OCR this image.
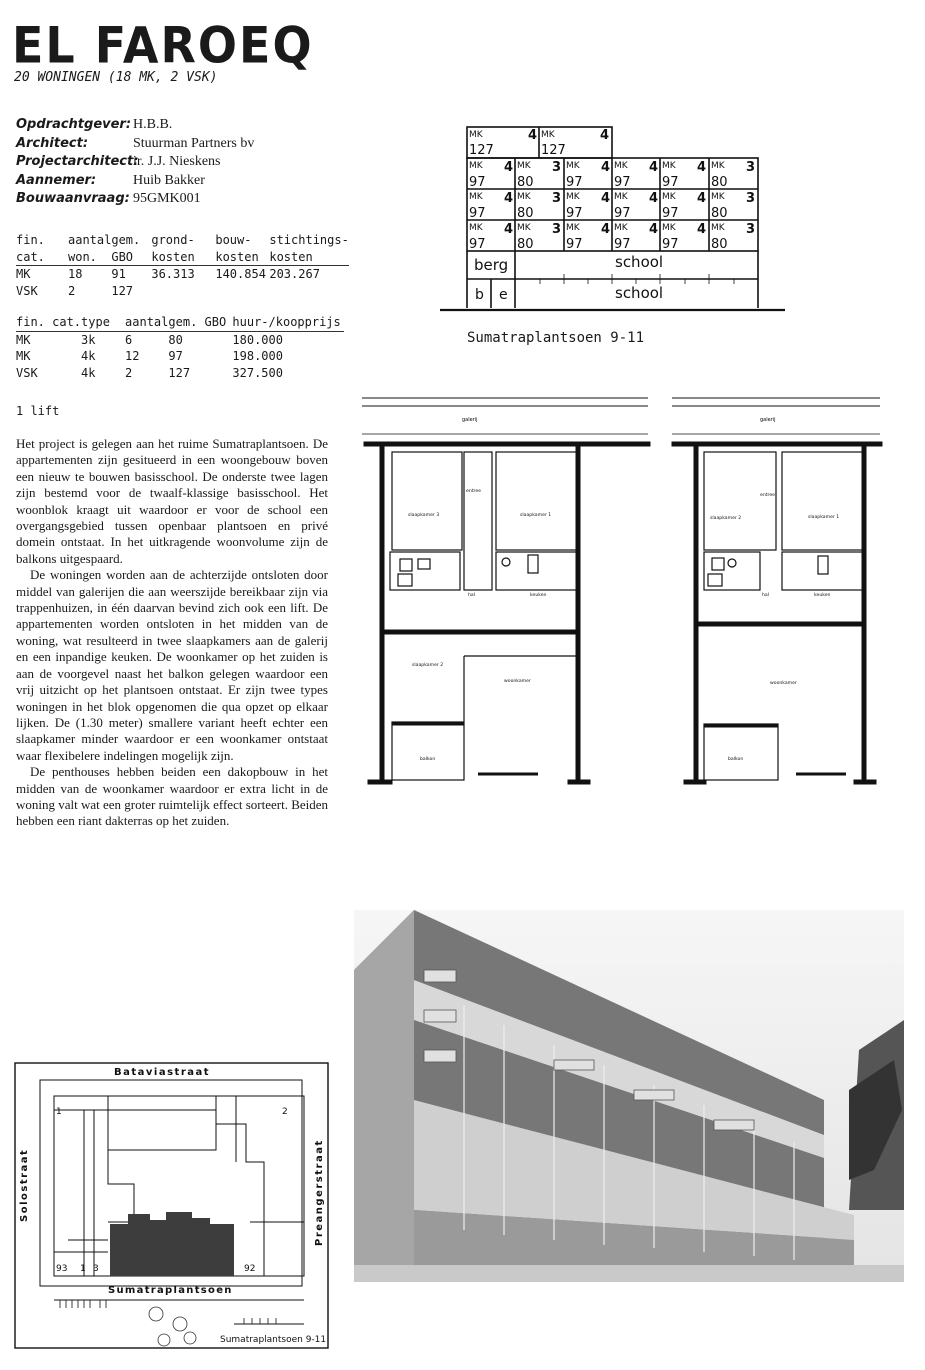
EL FAROEQ
20 WONINGEN (18 MK, 2 VSK)
Opdrachtgever: H.B.B.
Architect:	Stuurman Partners bv
Projectarchitect:
ir. J.J. Nieskens
Aannemer:	Huib Bakker
Bouwaanvraag: 95GMK001
fin.	aantal	gem.	grond-	bouw-	stichtings-
cat.	won.	GBO	kosten	kosten	kosten
MK	18	91	36.313	140.854	203.267
VSK	2	127			
fin. cat.	type	aantal	gem. GBO	huur-/koopprijs
MK	3k	6	80	180.000
MK	4k	12	97	198.000
VSK	4k	2	127	327.500
1 lift

Het project is gelegen aan het ruime Sumatraplantsoen. De appartementen zijn gesitueerd in een woongebouw boven een nieuw te bouwen basisschool. De onderste twee lagen zijn bestemd voor de twaalf-klassige basisschool. Het woonblok kraagt uit waardoor er voor de school een overgangsgebied tussen openbaar plantsoen en privé domein ontstaat. In het uitkragende woonvolume zijn de balkons uitgespaard.

De woningen worden aan de achterzijde ontsloten door middel van galerijen die aan weerszijde bereikbaar zijn via trappenhuizen, in één daarvan bevind zich ook een lift. De appartementen worden ontsloten in het midden van de woning, wat resulteerd in twee slaapkamers aan de galerij en een inpandige keuken. De woonkamer op het zuiden is aan de voorgevel naast het balkon gelegen waardoor een vrij uitzicht op het plantsoen ontstaat. Er zijn twee types woningen in het blok opgenomen die qua opzet op elkaar lijken. De (1.30 meter) smallere variant heeft echter een slaapkamer minder waardoor er een woonkamer ontstaat waar flexibelere indelingen mogelijk zijn.

De penthouses hebben beiden een dakopbouw in het midden van de woonkamer waardoor er extra licht in de woning valt wat een groter ruimtelijk effect sorteert. Beiden hebben een riant dakterras op het zuiden.

MK	4
127
MK	4
127
MK 4
97
MK 3
80
MK 4
97
MK 4
97
MK 4
97
MK 3
80
MK 4
97
MK 3
80
MK 4
97
MK 4
97
MK 4
97
MK 3
80
MK 4
97
MK 3
80
MK 4
97
MK 4
97
MK 4
97
MK 3
80
berg	school
school
b e
Sumatraplantsoen 9-11
galerij
entree
slaapkamer 3	slaapkamer 1
hal	keuken
slaapkamer 2
woonkamer
balkon
galerij
entree
slaapkamer 2	slaapkamer 1
hal	keuken
woonkamer
balkon
Bataviastraat
Sumatraplantsoen
Solostraat	Preangerstraat
1	2
93 1 3	92
Sumatraplantsoen 9-11
